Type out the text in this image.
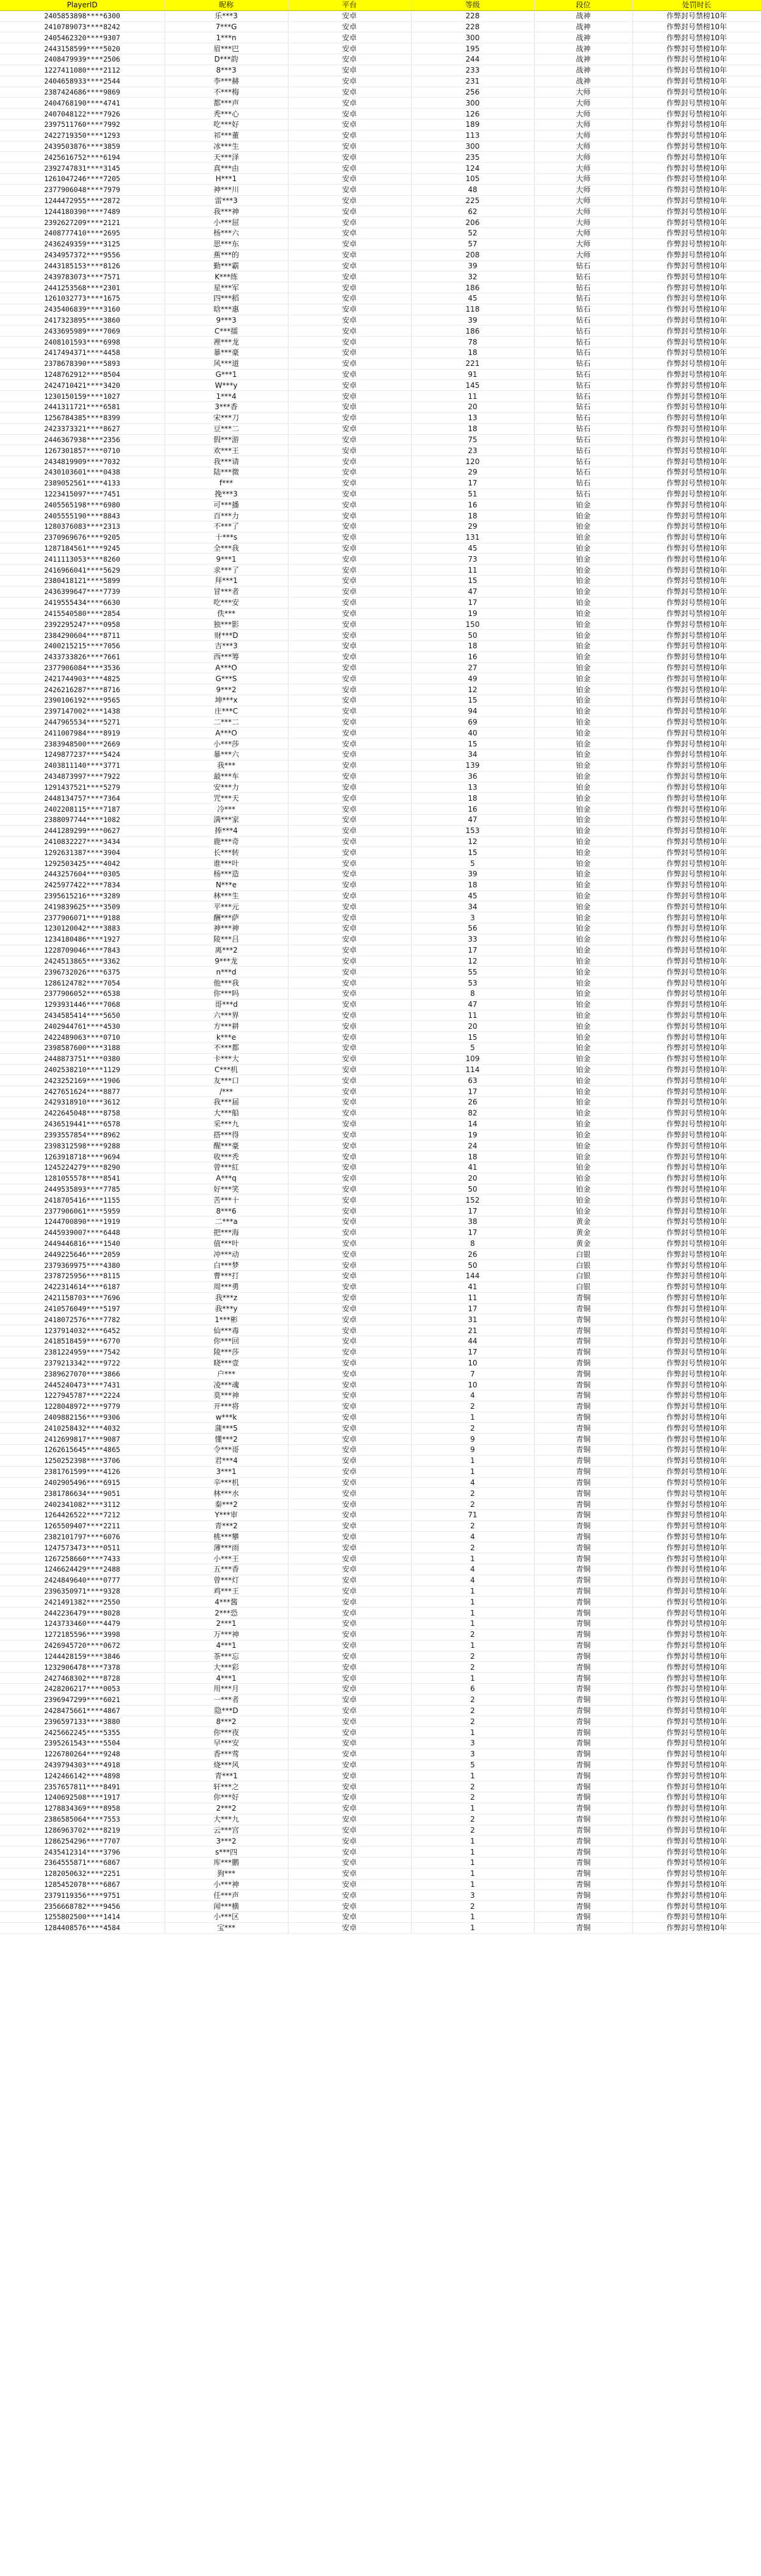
PlayerID	昵称	平台	等级	段位	处罚时长
2405853898****6300	乐***3	安卓	228	战神	作弊封号禁榜10年
2410789073****8242	7***G	安卓	228	战神	作弊封号禁榜10年
2405462320****9307	1***n	安卓	300	战神	作弊封号禁榜10年
2443158599****5020	眉***巴	安卓	195	战神	作弊封号禁榜10年
2408479939****2506	D***韵	安卓	244	战神	作弊封号禁榜10年
1227411080****2112	8***3	安卓	233	战神	作弊封号禁榜10年
2404658933****2544	李***赫	安卓	231	战神	作弊封号禁榜10年
2387424686****9869	不***梅	安卓	256	大师	作弊封号禁榜10年
2404768190****4741	都***声	安卓	300	大师	作弊封号禁榜10年
2407048122****7926	秃***心	安卓	126	大师	作弊封号禁榜10年
2397511760****7992	吃***好	安卓	189	大师	作弊封号禁榜10年
2422719350****1293	祁***董	安卓	113	大师	作弊封号禁榜10年
2439503876****3859	冰***生	安卓	300	大师	作弊封号禁榜10年
2425616752****6194	天***泽	安卓	235	大师	作弊封号禁榜10年
2392747831****3145	真***由	安卓	124	大师	作弊封号禁榜10年
1261047246****7205	H***1	安卓	105	大师	作弊封号禁榜10年
2377906048****7979	神***川	安卓	48	大师	作弊封号禁榜10年
1244472955****2872	雷***3	安卓	225	大师	作弊封号禁榜10年
1244180390****7489	我***神	安卓	62	大师	作弊封号禁榜10年
2392627209****2121	小***屈	安卓	206	大师	作弊封号禁榜10年
2408777410****2695	杨***六	安卓	52	大师	作弊封号禁榜10年
2436249359****3125	思***东	安卓	57	大师	作弊封号禁榜10年
2434957372****9556	蕉***的	安卓	208	大师	作弊封号禁榜10年
2443185153****8126	勤***霸	安卓	39	钻石	作弊封号禁榜10年
2439783073****7571	K***练	安卓	32	钻石	作弊封号禁榜10年
2441253568****2301	星***军	安卓	186	钻石	作弊封号禁榜10年
1261032773****1675	四***稻	安卓	45	钻石	作弊封号禁榜10年
2435406839****3160	晗***惠	安卓	118	钻石	作弊封号禁榜10年
2417323895****3860	9***3	安卓	39	钻石	作弊封号禁榜10年
2433695989****7069	C***擂	安卓	186	钻石	作弊封号禁榜10年
2408101593****6998	裡***龙	安卓	78	钻石	作弊封号禁榜10年
2417494371****4458	暴***豪	安卓	18	钻石	作弊封号禁榜10年
2378678390****5893	风***道	安卓	221	钻石	作弊封号禁榜10年
1248762912****8504	G***1	安卓	91	钻石	作弊封号禁榜10年
2424710421****3420	W***y	安卓	145	钻石	作弊封号禁榜10年
1230150159****1027	1***4	安卓	11	钻石	作弊封号禁榜10年
2441311721****6581	3***香	安卓	20	钻石	作弊封号禁榜10年
1256784385****8399	宋***刀	安卓	13	钻石	作弊封号禁榜10年
2423373321****8627	豆***二	安卓	18	钻石	作弊封号禁榜10年
2446367938****2356	假***游	安卓	75	钻石	作弊封号禁榜10年
1267301857****0710	欢***王	安卓	23	钻石	作弊封号禁榜10年
2434819909****7032	我***请	安卓	120	钻石	作弊封号禁榜10年
2430103601****0438	陆***微	安卓	29	钻石	作弊封号禁榜10年
2389052561****4133	f***	安卓	17	钻石	作弊封号禁榜10年
1223415097****7451	挽***3	安卓	51	钻石	作弊封号禁榜10年
2405565198****6980	可***播	安卓	16	铂金	作弊封号禁榜10年
2405555190****8843	百***力	安卓	18	铂金	作弊封号禁榜10年
1280376083****2313	不***了	安卓	29	铂金	作弊封号禁榜10年
2370969676****9205	十***s	安卓	131	铂金	作弊封号禁榜10年
1287184561****9245	全***我	安卓	45	铂金	作弊封号禁榜10年
2411113053****8260	9***1	安卓	73	铂金	作弊封号禁榜10年
2416966041****5629	求***了	安卓	11	铂金	作弊封号禁榜10年
2380418121****5899	拜***1	安卓	15	铂金	作弊封号禁榜10年
2436399647****7739	冒***者	安卓	47	铂金	作弊封号禁榜10年
2419555434****6630	吃***安	安卓	17	铂金	作弊封号禁榜10年
2415540580****2854	佚***	安卓	19	铂金	作弊封号禁榜10年
2392295247****0958	独***影	安卓	150	铂金	作弊封号禁榜10年
2384290604****8711	财***D	安卓	50	铂金	作弊封号禁榜10年
2400215215****7056	吉***3	安卓	18	铂金	作弊封号禁榜10年
2433733826****7661	西***筹	安卓	16	铂金	作弊封号禁榜10年
2377906084****3536	A***O	安卓	27	铂金	作弊封号禁榜10年
2421744903****4825	G***S	安卓	49	铂金	作弊封号禁榜10年
2426216287****8716	9***2	安卓	12	铂金	作弊封号禁榜10年
2390106192****9565	坤***x	安卓	15	铂金	作弊封号禁榜10年
2397147002****1438	庄***C	安卓	94	铂金	作弊封号禁榜10年
2447965534****5271	二***二	安卓	69	铂金	作弊封号禁榜10年
2411007984****8919	A***O	安卓	40	铂金	作弊封号禁榜10年
2383948500****2669	小***莎	安卓	15	铂金	作弊封号禁榜10年
1249877237****5424	暴***六	安卓	34	铂金	作弊封号禁榜10年
2403811140****3771	我***	安卓	139	铂金	作弊封号禁榜10年
2434873997****7922	最***车	安卓	36	铂金	作弊封号禁榜10年
1291437521****5279	安***力	安卓	13	铂金	作弊封号禁榜10年
2448134757****7364	咒***天	安卓	18	铂金	作弊封号禁榜10年
2402208115****7187	冷***	安卓	16	铂金	作弊封号禁榜10年
2388097744****1082	满***家	安卓	47	铂金	作弊封号禁榜10年
2441289299****0627	捧***4	安卓	153	铂金	作弊封号禁榜10年
2410832227****3434	鹿***奇	安卓	12	铂金	作弊封号禁榜10年
1292631387****3904	长***转	安卓	15	铂金	作弊封号禁榜10年
1292503425****4042	谁***叶	安卓	5	铂金	作弊封号禁榜10年
2443257604****0305	杨***造	安卓	39	铂金	作弊封号禁榜10年
2425977422****7834	N***e	安卓	18	铂金	作弊封号禁榜10年
2395615216****3289	林***生	安卓	45	铂金	作弊封号禁榜10年
2419839625****3509	平***元	安卓	34	铂金	作弊封号禁榜10年
2377906071****9188	酬***萨	安卓	3	铂金	作弊封号禁榜10年
1230120042****3883	神***神	安卓	56	铂金	作弊封号禁榜10年
1234180486****1927	陵***吕	安卓	33	铂金	作弊封号禁榜10年
1228709046****7843	离***2	安卓	17	铂金	作弊封号禁榜10年
2424513865****3362	9***龙	安卓	12	铂金	作弊封号禁榜10年
2396732026****6375	n***d	安卓	55	铂金	作弊封号禁榜10年
1286124782****7054	他***我	安卓	53	铂金	作弊封号禁榜10年
2377906052****6538	你***吗	安卓	8	铂金	作弊封号禁榜10年
1293931446****7068	哥***d	安卓	47	铂金	作弊封号禁榜10年
2434585414****5650	六***界	安卓	11	铂金	作弊封号禁榜10年
2402944761****4530	方***耕	安卓	20	铂金	作弊封号禁榜10年
2422489063****0710	k***e	安卓	15	铂金	作弊封号禁榜10年
2398587600****3188	不***都	安卓	5	铂金	作弊封号禁榜10年
2448873751****0380	卡***大	安卓	109	铂金	作弊封号禁榜10年
2402538210****1129	C***机	安卓	114	铂金	作弊封号禁榜10年
2423252169****1906	友***口	安卓	63	铂金	作弊封号禁榜10年
2427651624****8877	/***	安卓	17	铂金	作弊封号禁榜10年
2429318910****3612	我***届	安卓	26	铂金	作弊封号禁榜10年
2422645048****8758	大***船	安卓	82	铂金	作弊封号禁榜10年
2436519441****6578	采***九	安卓	14	铂金	作弊封号禁榜10年
2393557854****8962	搭***得	安卓	19	铂金	作弊封号禁榜10年
2398312598****9288	醒***豪	安卓	24	铂金	作弊封号禁榜10年
1263918718****9694	收***秃	安卓	18	铂金	作弊封号禁榜10年
1245224279****8290	曾***紅	安卓	41	铂金	作弊封号禁榜10年
1281055578****8541	A***q	安卓	20	铂金	作弊封号禁榜10年
2449535893****7785	好***笑	安卓	50	铂金	作弊封号禁榜10年
2418705416****1155	苦***十	安卓	152	铂金	作弊封号禁榜10年
2377906061****5959	8***6	安卓	17	铂金	作弊封号禁榜10年
1244700890****1919	二***a	安卓	38	黄金	作弊封号禁榜10年
2445939007****6448	把***海	安卓	17	黄金	作弊封号禁榜10年
2449446816****1540	值***叶	安卓	8	黄金	作弊封号禁榜10年
2449225646****2059	冲***动	安卓	26	白银	作弊封号禁榜10年
2379369975****4380	白***梦	安卓	50	白银	作弊封号禁榜10年
2378725956****8115	曹***打	安卓	144	白银	作弊封号禁榜10年
2422314614****6187	周***勇	安卓	41	白银	作弊封号禁榜10年
2421158703****7696	我***z	安卓	11	青铜	作弊封号禁榜10年
2410576049****5197	我***y	安卓	17	青铜	作弊封号禁榜10年
2418072576****7782	1***彬	安卓	31	青铜	作弊封号禁榜10年
1237914032****6452	仙***毒	安卓	21	青铜	作弊封号禁榜10年
2418518459****6770	你***回	安卓	44	青铜	作弊封号禁榜10年
2381224959****7542	陵***莎	安卓	17	青铜	作弊封号禁榜10年
2379213342****9722	晓***壹	安卓	10	青铜	作弊封号禁榜10年
2389627070****3866	户***	安卓	7	青铜	作弊封号禁榜10年
2445240473****7431	凌***魂	安卓	10	青铜	作弊封号禁榜10年
1227945787****2224	莫***神	安卓	4	青铜	作弊封号禁榜10年
1228048972****9779	开***将	安卓	2	青铜	作弊封号禁榜10年
2409882156****9306	w***k	安卓	1	青铜	作弊封号禁榜10年
2410258432****4032	蒲***5	安卓	2	青铜	作弊封号禁榜10年
2412699817****9087	懂***2	安卓	9	青铜	作弊封号禁榜10年
1262615645****4865	令***哥	安卓	9	青铜	作弊封号禁榜10年
1250252398****3706	君***4	安卓	1	青铜	作弊封号禁榜10年
2381761599****4126	3***1	安卓	1	青铜	作弊封号禁榜10年
2402905496****6915	辛***机	安卓	4	青铜	作弊封号禁榜10年
2381786634****9051	林***水	安卓	2	青铜	作弊封号禁榜10年
2402341082****3112	秦***2	安卓	2	青铜	作弊封号禁榜10年
1264426522****7212	Y***审	安卓	71	青铜	作弊封号禁榜10年
1265509407****2211	青***2	安卓	2	青铜	作弊封号禁榜10年
2382101797****6076	桃***攀	安卓	4	青铜	作弊封号禁榜10年
1247573473****0511	薄***雨	安卓	2	青铜	作弊封号禁榜10年
1267258660****7433	小***王	安卓	1	青铜	作弊封号禁榜10年
1246624429****2488	五***香	安卓	4	青铜	作弊封号禁榜10年
2424849640****0777	曾***灯	安卓	4	青铜	作弊封号禁榜10年
2396350971****9328	鸡***王	安卓	1	青铜	作弊封号禁榜10年
2421491382****2550	4***酱	安卓	1	青铜	作弊封号禁榜10年
2442236479****8028	2***恐	安卓	1	青铜	作弊封号禁榜10年
1243733460****4479	2***1	安卓	1	青铜	作弊封号禁榜10年
1272185596****3998	万***神	安卓	2	青铜	作弊封号禁榜10年
2426945720****0672	4***1	安卓	1	青铜	作弊封号禁榜10年
1244428159****3846	茶***忘	安卓	2	青铜	作弊封号禁榜10年
1232906478****7378	大***彩	安卓	2	青铜	作弊封号禁榜10年
2427468302****8728	4***1	安卓	1	青铜	作弊封号禁榜10年
2428206217****0053	用***月	安卓	6	青铜	作弊封号禁榜10年
2396947299****6021	一***者	安卓	2	青铜	作弊封号禁榜10年
2428475661****4867	隐***D	安卓	2	青铜	作弊封号禁榜10年
2396597133****3880	8***2	安卓	2	青铜	作弊封号禁榜10年
2425662245****5355	你***夜	安卓	1	青铜	作弊封号禁榜10年
2395261543****5504	早***安	安卓	3	青铜	作弊封号禁榜10年
1226780264****9248	香***莺	安卓	3	青铜	作弊封号禁榜10年
2439794303****4918	烧***风	安卓	5	青铜	作弊封号禁榜10年
1242466142****4898	青***1	安卓	1	青铜	作弊封号禁榜10年
2357657811****8491	轩***之	安卓	2	青铜	作弊封号禁榜10年
1240692508****1917	你***好	安卓	2	青铜	作弊封号禁榜10年
1278834369****8958	2***2	安卓	1	青铜	作弊封号禁榜10年
2386585064****7553	大***九	安卓	2	青铜	作弊封号禁榜10年
1286963702****8219	云***宫	安卓	2	青铜	作弊封号禁榜10年
1286254296****7707	3***2	安卓	1	青铜	作弊封号禁榜10年
2435412314****3796	s***四	安卓	1	青铜	作弊封号禁榜10年
2364555871****6867	库***鹏	安卓	1	青铜	作弊封号禁榜10年
1282050632****2251	狗***	安卓	1	青铜	作弊封号禁榜10年
1285452078****6867	小***神	安卓	1	青铜	作弊封号禁榜10年
2379119356****9751	任***声	安卓	3	青铜	作弊封号禁榜10年
2356668782****9456	闻***横	安卓	2	青铜	作弊封号禁榜10年
1255802500****1414	小***区	安卓	1	青铜	作弊封号禁榜10年
1284408576****4584	宝***	安卓	1	青铜	作弊封号禁榜10年
